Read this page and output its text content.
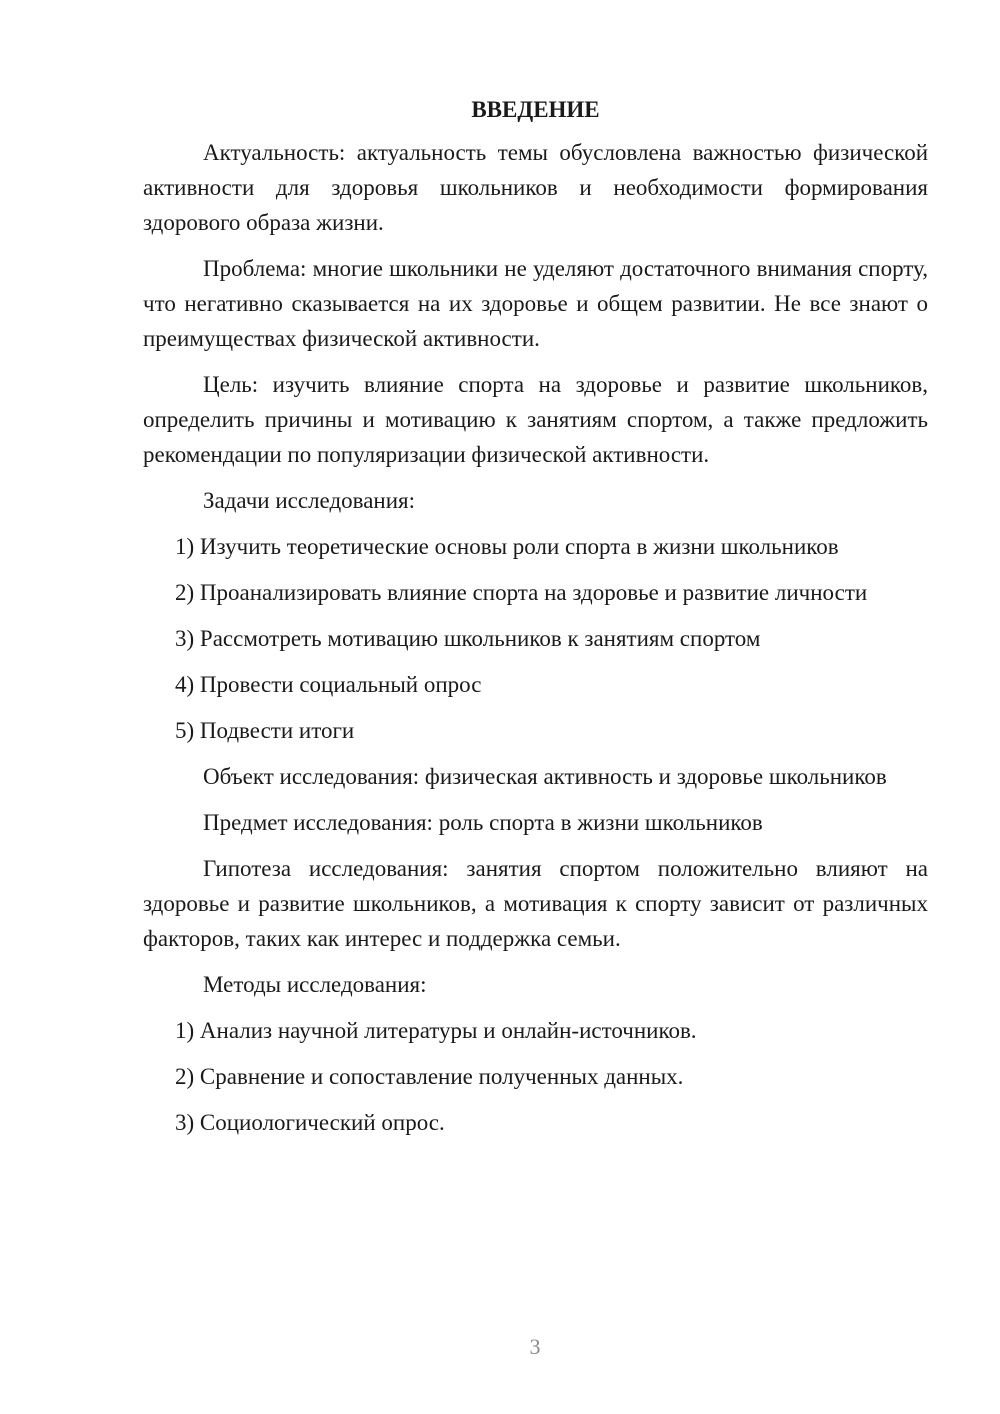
ВВЕДЕНИЕ

Актуальность: актуальность темы обусловлена важностью физической активности для здоровья школьников и необходимости формирования здорового образа жизни.

Проблема: многие школьники не уделяют достаточного внимания спорту, что негативно сказывается на их здоровье и общем развитии. Не все знают о преимуществах физической активности.

Цель: изучить влияние спорта на здоровье и развитие школьников, определить причины и мотивацию к занятиям спортом, а также предложить рекомендации по популяризации физической активности.

Задачи исследования:

1) Изучить теоретические основы роли спорта в жизни школьников
2) Проанализировать влияние спорта на здоровье и развитие личности
3) Рассмотреть мотивацию школьников к занятиям спортом
4) Провести социальный опрос
5) Подвести итоги

Объект исследования: физическая активность и здоровье школьников

Предмет исследования: роль спорта в жизни школьников

Гипотеза исследования: занятия спортом положительно влияют на здоровье и развитие школьников, а мотивация к спорту зависит от различных факторов, таких как интерес и поддержка семьи.

Методы исследования:

1) Анализ научной литературы и онлайн-источников.
2) Сравнение и сопоставление полученных данных.
3) Социологический опрос.
3
